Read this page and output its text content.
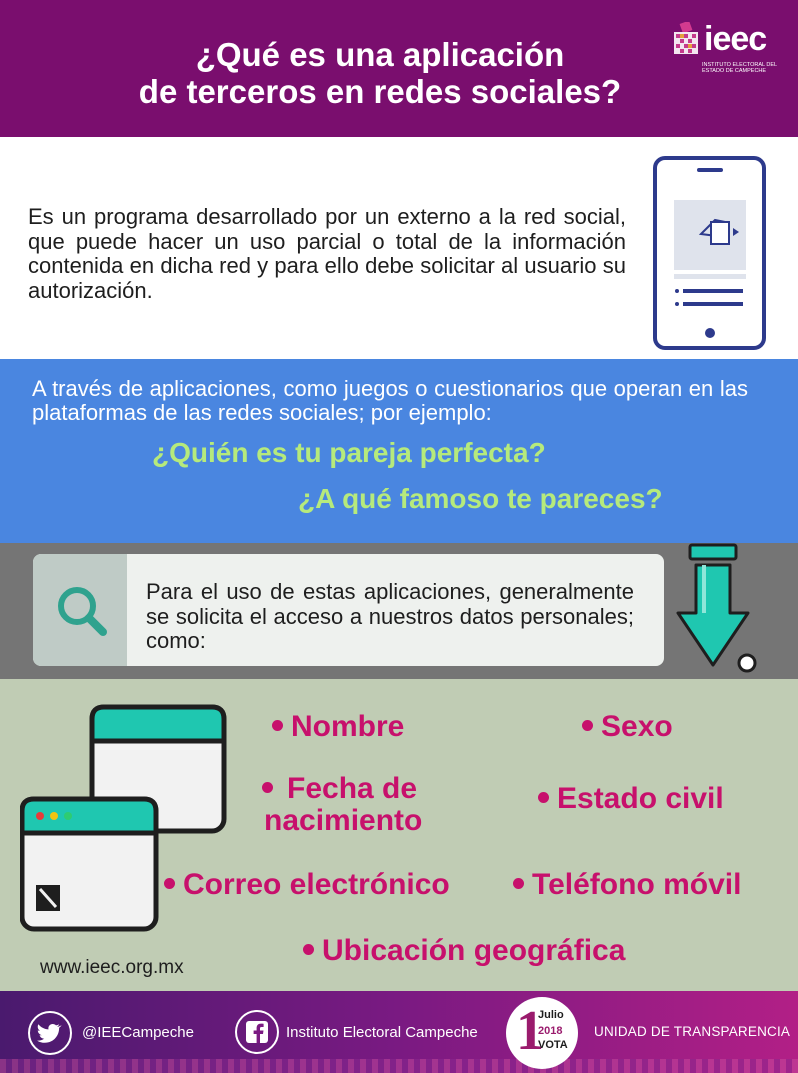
¿Qué es una aplicación
de terceros en redes sociales?
ieec
INSTITUTO ELECTORAL DEL ESTADO DE CAMPECHE

Es un programa desarrollado por un externo a la red social, que puede hacer un uso parcial o total de la información contenida en dicha red y para ello debe solicitar al usuario su autorización.

A través de aplicaciones, como juegos o cuestionarios que operan en las plataformas de las redes sociales; por ejemplo:

¿Quién es tu pareja perfecta?
¿A qué famoso te pareces?

Para el uso de estas aplicaciones, generalmente se solicita el acceso a nuestros datos personales; como:

Nombre	Sexo
Fecha de
nacimiento
Estado civil
Correo electrónico	Teléfono móvil
Ubicación geográfica
www.ieec.org.mx
@IEECampeche	Instituto Electoral Campeche 1
Julio
2018
VOTA
UNIDAD DE TRANSPARENCIA
